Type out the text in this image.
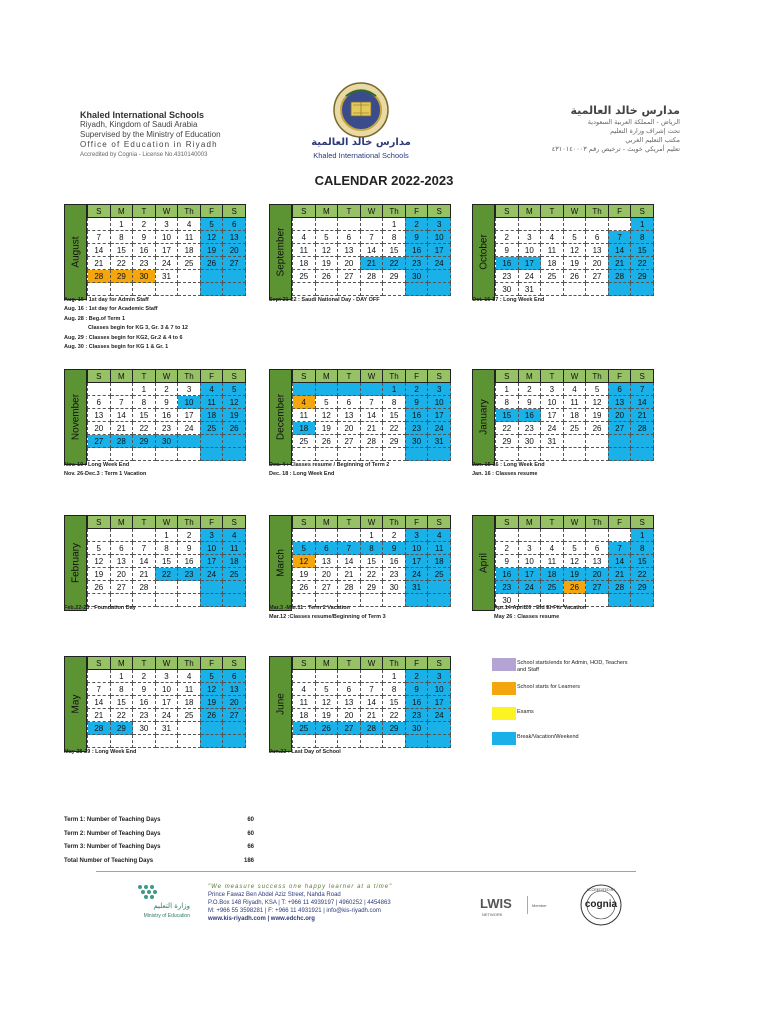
Khaled International Schools
Riyadh, Kingdom of Saudi Arabia
Supervised by the Ministry of Education
Office of Education in Riyadh
Accredited by Cognia - License No.4310140003
مدارس خالد العالمية
Khaled International Schools
مدارس خالد العالمية
الرياض - المملكة العربية السعودية
تحت إشراف وزارة التعليم
مكتب التعليم الغربي
تعليم أمريكي خويث - ترخيص رقم ٤٣١٠١٤٠٠٠٣
CALENDAR 2022-2023
August
S	M	T	W	Th	F	S
	1	2	3	4	5	6
7	8	9	10	11	12	13
14	15	16	17	18	19	20
21	22	23	24	25	26	27
28	29	30	31			
							September
S	M	T	W	Th	F	S
				1	2	3
4	5	6	7	8	9	10
11	12	13	14	15	16	17
18	19	20	21	22	23	24
25	26	27	28	29	30	

October
S	M	T	W	Th	F	S
						1
2	3	4	5	6	7	8
9	10	11	12	13	14	15
16	17	18	19	20	21	22
23	24	25	26	27	28	29
30	31					
November
S	M	T	W	Th	F	S
		1	2	3	4	5
6	7	8	9	10	11	12
13	14	15	16	17	18	19
20	21	22	23	24	25	26
27	28	29	30			

December
S	M	T	W	Th	F	S
				1	2	3
4	5	6	7	8	9	10
11	12	13	14	15	16	17
18	19	20	21	22	23	24
25	26	27	28	29	30	31

January
S	M	T	W	Th	F	S
1	2	3	4	5	6	7
8	9	10	11	12	13	14
15	16	17	18	19	20	21
22	23	24	25	26	27	28
29	30	31				

February
S	M	T	W	Th	F	S
			1	2	3	4
5	6	7	8	9	10	11
12	13	14	15	16	17	18
19	20	21	22	23	24	25
26	27	28				

March
S	M	T	W	Th	F	S
			1	2	3	4
5	6	7	8	9	10	11
12	13	14	15	16	17	18
19	20	21	22	23	24	25
26	27	28	29	30	31	

April
S	M	T	W	Th	F	S
						1
2	3	4	5	6	7	8
9	10	11	12	13	14	15
16	17	18	19	20	21	22
23	24	25	26	27	28	29
30						
May
S	M	T	W	Th	F	S
	1	2	3	4	5	6
7	8	9	10	11	12	13
14	15	16	17	18	19	20
21	22	23	24	25	26	27
28	29	30	31			

June
S	M	T	W	Th	F	S
				1	2	3
4	5	6	7	8	9	10
11	12	13	14	15	16	17
18	19	20	21	22	23	24
25	26	27	28	29	30	

Aug. 16 : 1st day for Admin Staff
Aug. 16 : 1st day for Academic Staff
Aug. 28 : Beg.of Term 1
Classes begin for KG 3, Gr. 3 & 7 to 12
Aug. 29 : Classes begin for KG2, Gr.2 & 4 to 6
Aug. 30 : Classes begin for KG 1 & Gr. 1
Sept 21-22 : Saudi National Day - DAY OFF	Oct. 16-17 : Long Week End
Nov. 10 : Long Week End
Nov. 26-Dec.3 : Term 1 Vacation
Dec. 4 : Classes resume / Beginning of Term 2
Dec. 18 : Long Week End
Jan. 15-16 : Long Week End
Jan. 16 : Classes resume
Feb.22-23 : Foundation Day	Mar.3 -Mar.11 : Term 2 Vacation
Mar.12 :Classes resume/Beginning of Term 3
Apr.14-April26 : Eid El-Fitr Vacation
May 26 : Classes resume
May 28-29 : Long Week End	Jun.22 : Last Day of School
School starts/ends for Admin, HOD, Teachers and Staff
School starts for Learners
Exams
Break/Vacation/Weekend
Term 1: Number of Teaching Days	60
Term 2: Number of Teaching Days	60
Term 3: Number of Teaching Days	66
Total Number of Teaching Days	186
وزارة التعليم
Ministry of Education
"We measure success one happy learner at a time"
Prince Fawaz Ben Abdel Aziz Street, Nahda Road
P.O.Box 148 Riyadh, KSA | T: +966 11 4939197 | 4960252 | 4454863
M: +966 55 3598281 | F: +966 11 4931921 | info@kis-riyadh.com
www.kis-riyadh.com | www.edchc.org
LWIS
NETWORK
Member
ACCREDITED BY
cognia
